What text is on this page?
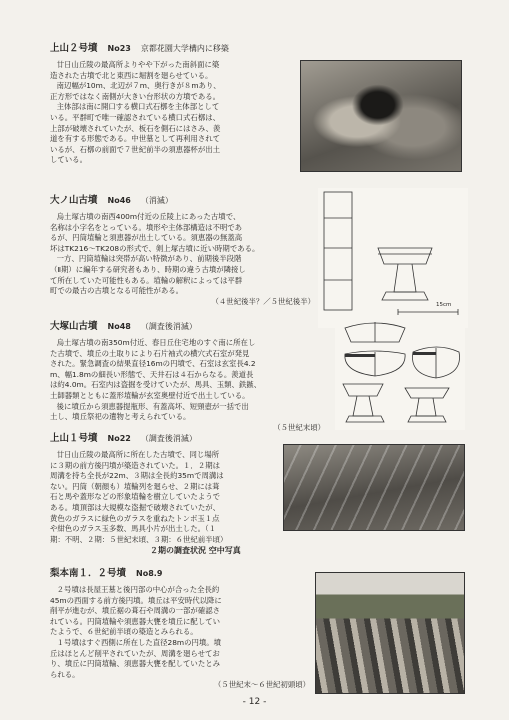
上山２号墳 No23 京都花園大学構内に移築

廿日山丘陵の最高所よりやや下がった南斜面に築

造された古墳で北と東西に堀割を廻らせている。

南辺幅が10m、北辺が７m、奥行きが８mあり、

正方形ではなく南側が大きい台形状の方墳である。

主体部は南に開口する横口式石槨を主体部として

いる。平群町で唯一確認されている横口式石槨は、

上部が破壊されていたが、板石を側石にはさみ、羨

道を有する形態である。中世墓として再利用されて

いるが、石槨の前面で７世紀前半の須恵器杯が出土

している。

大ノ山古墳 No46 （消滅）

烏土塚古墳の南西400m付近の丘陵上にあった古墳で、

名称は小字名をとっている。墳形や主体部構造は不明であ

るが、円筒埴輪と須恵器が出土している。須恵器の無蓋高

坏はTK216～TK208の形式で、剣上塚古墳に近い時期である。

一方、円筒埴輪は突帯が高い特徴があり、前期後半段階

（Ⅱ期）に編年する研究者もあり、時期の違う古墳が隣接し

て所在していた可能性もある。埴輪の解釈によっては平群

町での最古の古墳となる可能性がある。

（４世紀後半？／５世紀後半）	15cm
大塚山古墳 No48 （調査後消滅）

烏土塚古墳の南350m付近、春日丘住宅地のすぐ南に所在し

た古墳で、墳丘の土取りにより石片袖式の横穴式石室が発見

された。緊急調査の結果直径16mの円墳で、石室は玄室長4.2

m、幅1.8mの細長い形態で、天井石は４石からなる。羨道長

は約4.0m。石室内は盗掘を受けていたが、馬具、玉類、鉄鏃、

土師器類とともに蓋形埴輪が玄室奥壁付近で出土している。

後に墳丘から須恵器提瓶形、有蓋高坏、短頸壺が一括で出

土し、墳丘祭祀の遺物と考えられている。

（５世紀末頃）

上山１号墳 No22 （調査後消滅）

廿日山丘陵の最高所に所在した古墳で、同じ場所

に３期の前方後円墳が築造されていた。１．２期は

周溝を持ち全長が22m、３期は全長約35mで周溝は

ない。円筒（朝顔も）埴輪列を廻らせ、２期には葺

石と馬や蓋形などの形象埴輪を樹立していたようで

ある。墳頂部は大規模な盗掘で破壊されていたが、

黄色のガラスに緑色のガラスを重ねたトンボ玉１点

や紺色のガラス玉多数、馬具小片が出土した。（１

期：不明、２期：５世紀末頃、３期：６世紀前半頃）

２期の調査状況 空中写真
梨本南１．２号墳 No8.9

２号墳は長屋王墓と後円部の中心が合った全長約

45mの西面する前方後円墳。墳丘は平安時代以降に

削平が進むが、墳丘裾の葺石や周溝の一部が確認さ

れている。円筒埴輪や須恵器大甕を墳丘に配してい

たようで、６世紀前半頃の築造とみられる。

１号墳はすぐ西側に所在した直径28mの円墳。墳

丘はほとんど削平されていたが、周溝を廻らせてお

り、墳丘に円筒埴輪、須恵器大甕を配していたとみ

られる。

（５世紀末～６世紀初頭頃）

- 12 -
